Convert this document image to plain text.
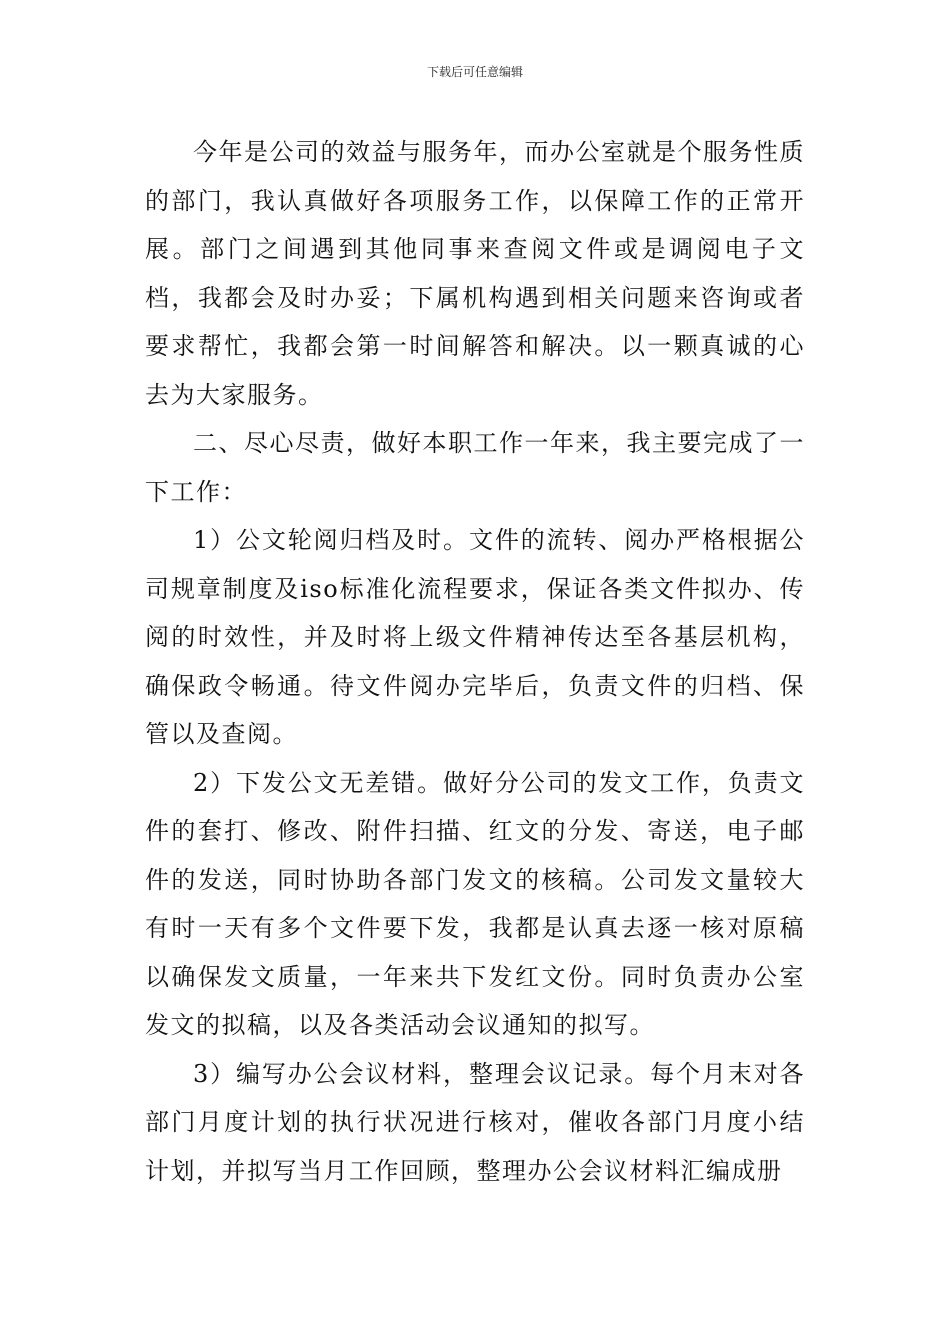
下载后可任意编辑

今年是公司的效益与服务年，而办公室就是个服务性质的部门，我认真做好各项服务工作，以保障工作的正常开展。部门之间遇到其他同事来查阅文件或是调阅电子文档，我都会及时办妥；下属机构遇到相关问题来咨询或者要求帮忙，我都会第一时间解答和解决。以一颗真诚的心去为大家服务。

二、尽心尽责，做好本职工作一年来，我主要完成了一下工作：

1）公文轮阅归档及时。文件的流转、阅办严格根据公司规章制度及iso标准化流程要求，保证各类文件拟办、传阅的时效性，并及时将上级文件精神传达至各基层机构，确保政令畅通。待文件阅办完毕后，负责文件的归档、保管以及查阅。

2）下发公文无差错。做好分公司的发文工作，负责文件的套打、修改、附件扫描、红文的分发、寄送，电子邮件的发送，同时协助各部门发文的核稿。公司发文量较大有时一天有多个文件要下发，我都是认真去逐一核对原稿以确保发文质量，一年来共下发红文份。同时负责办公室发文的拟稿，以及各类活动会议通知的拟写。

3）编写办公会议材料，整理会议记录。每个月末对各部门月度计划的执行状况进行核对，催收各部门月度小结计划，并拟写当月工作回顾，整理办公会议材料汇编成册
